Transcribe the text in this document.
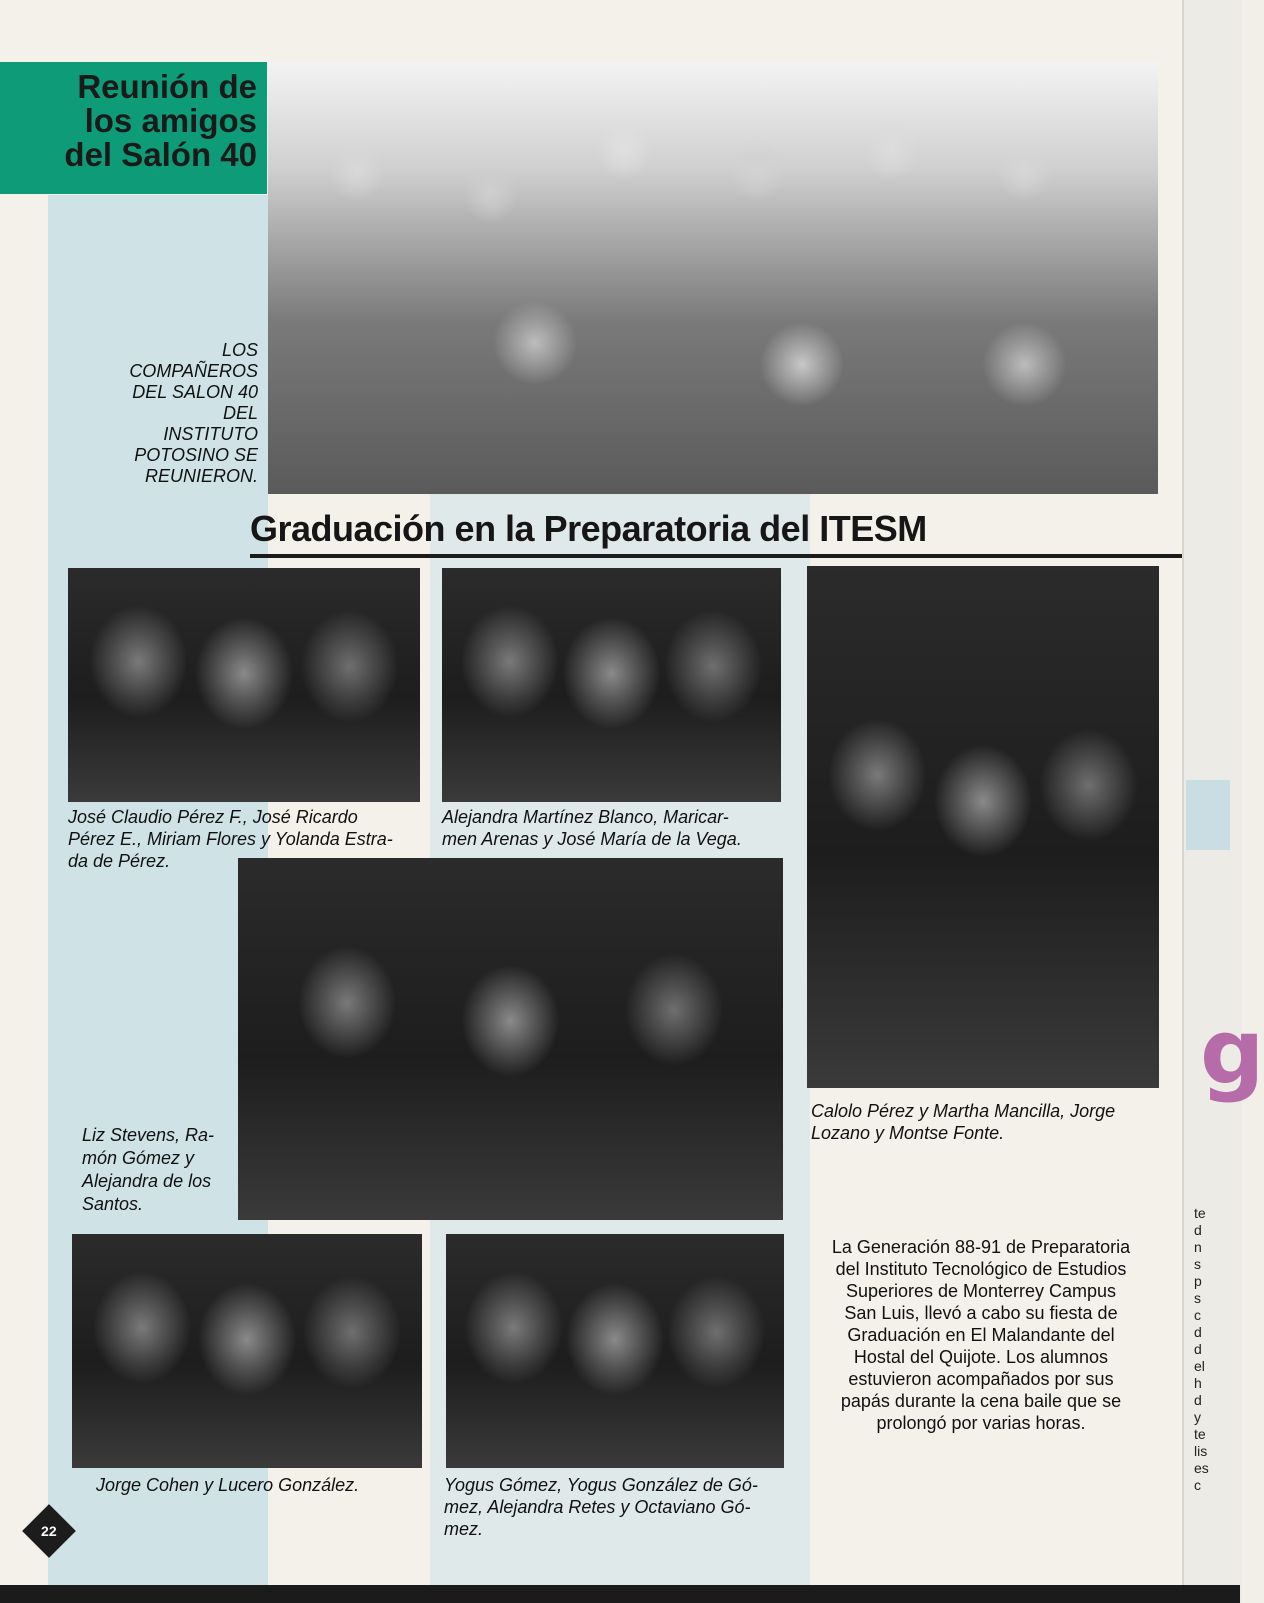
Reunión de
los amigos
del Salón 40
LOS
COMPAÑEROS
DEL SALON 40
DEL
INSTITUTO
POTOSINO SE
REUNIERON.
Graduación en la Preparatoria del ITESM
José Claudio Pérez F., José Ricardo
Pérez E., Miriam Flores y Yolanda Estra-
da de Pérez.
Alejandra Martínez Blanco, Maricar-
men Arenas y José María de la Vega.
Calolo Pérez y Martha Mancilla, Jorge
Lozano y Montse Fonte.
Liz Stevens, Ra-
món Gómez y
Alejandra de los
Santos.
Jorge Cohen y Lucero González.	Yogus Gómez, Yogus González de Gó-
mez, Alejandra Retes y Octaviano Gó-
mez.
La Generación 88-91 de Preparatoria
del Instituto Tecnológico de Estudios
Superiores de Monterrey Campus
San Luis, llevó a cabo su fiesta de
Graduación en El Malandante del
Hostal del Quijote. Los alumnos
estuvieron acompañados por sus
papás durante la cena baile que se
prolongó por varias horas.
22
g
te
d
n
s
p
s
c
d
d
el
h
d
y
te
lis
es
c
